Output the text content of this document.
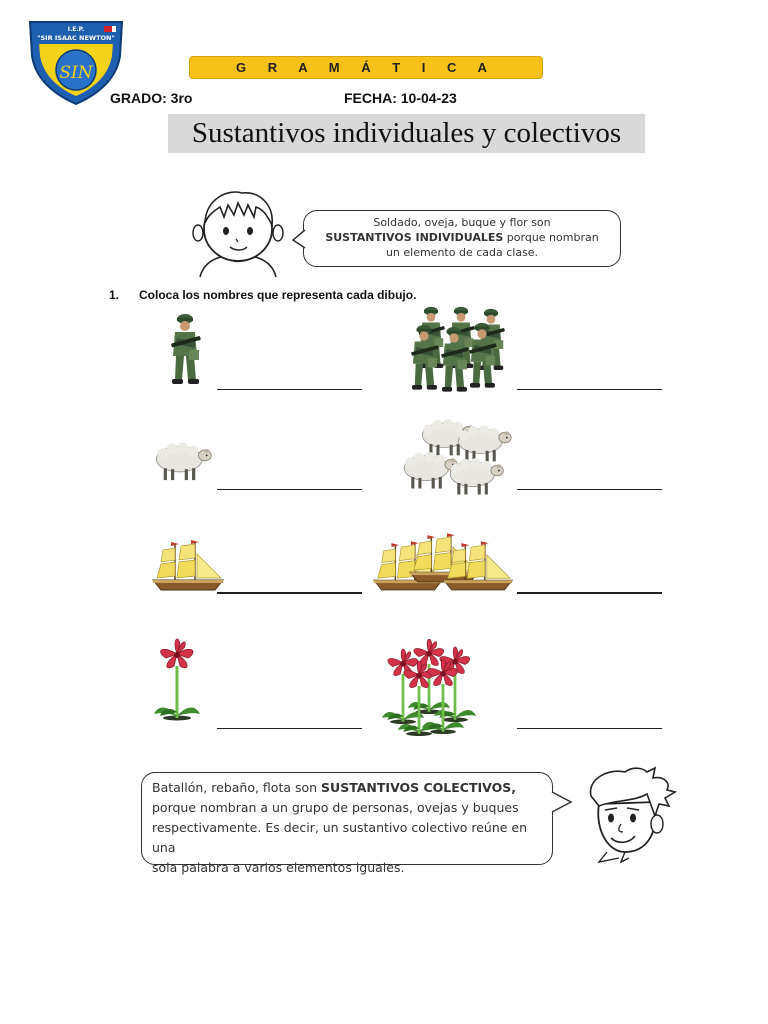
I.E.P.
"SIR ISAAC NEWTON"
SIN	G R A M Á T I C A
GRADO: 3ro	FECHA: 10-04-23
Sustantivos individuales y colectivos
Soldado, oveja, buque y flor son
SUSTANTIVOS INDIVIDUALES porque nombran
un elemento de cada clase.
1. Coloca los nombres que representa cada dibujo.
Batallón, rebaño, flota son SUSTANTIVOS COLECTIVOS,
porque nombran a un grupo de personas, ovejas y buques
respectivamente. Es decir, un sustantivo colectivo reúne en una
sola palabra a varios elementos iguales.
